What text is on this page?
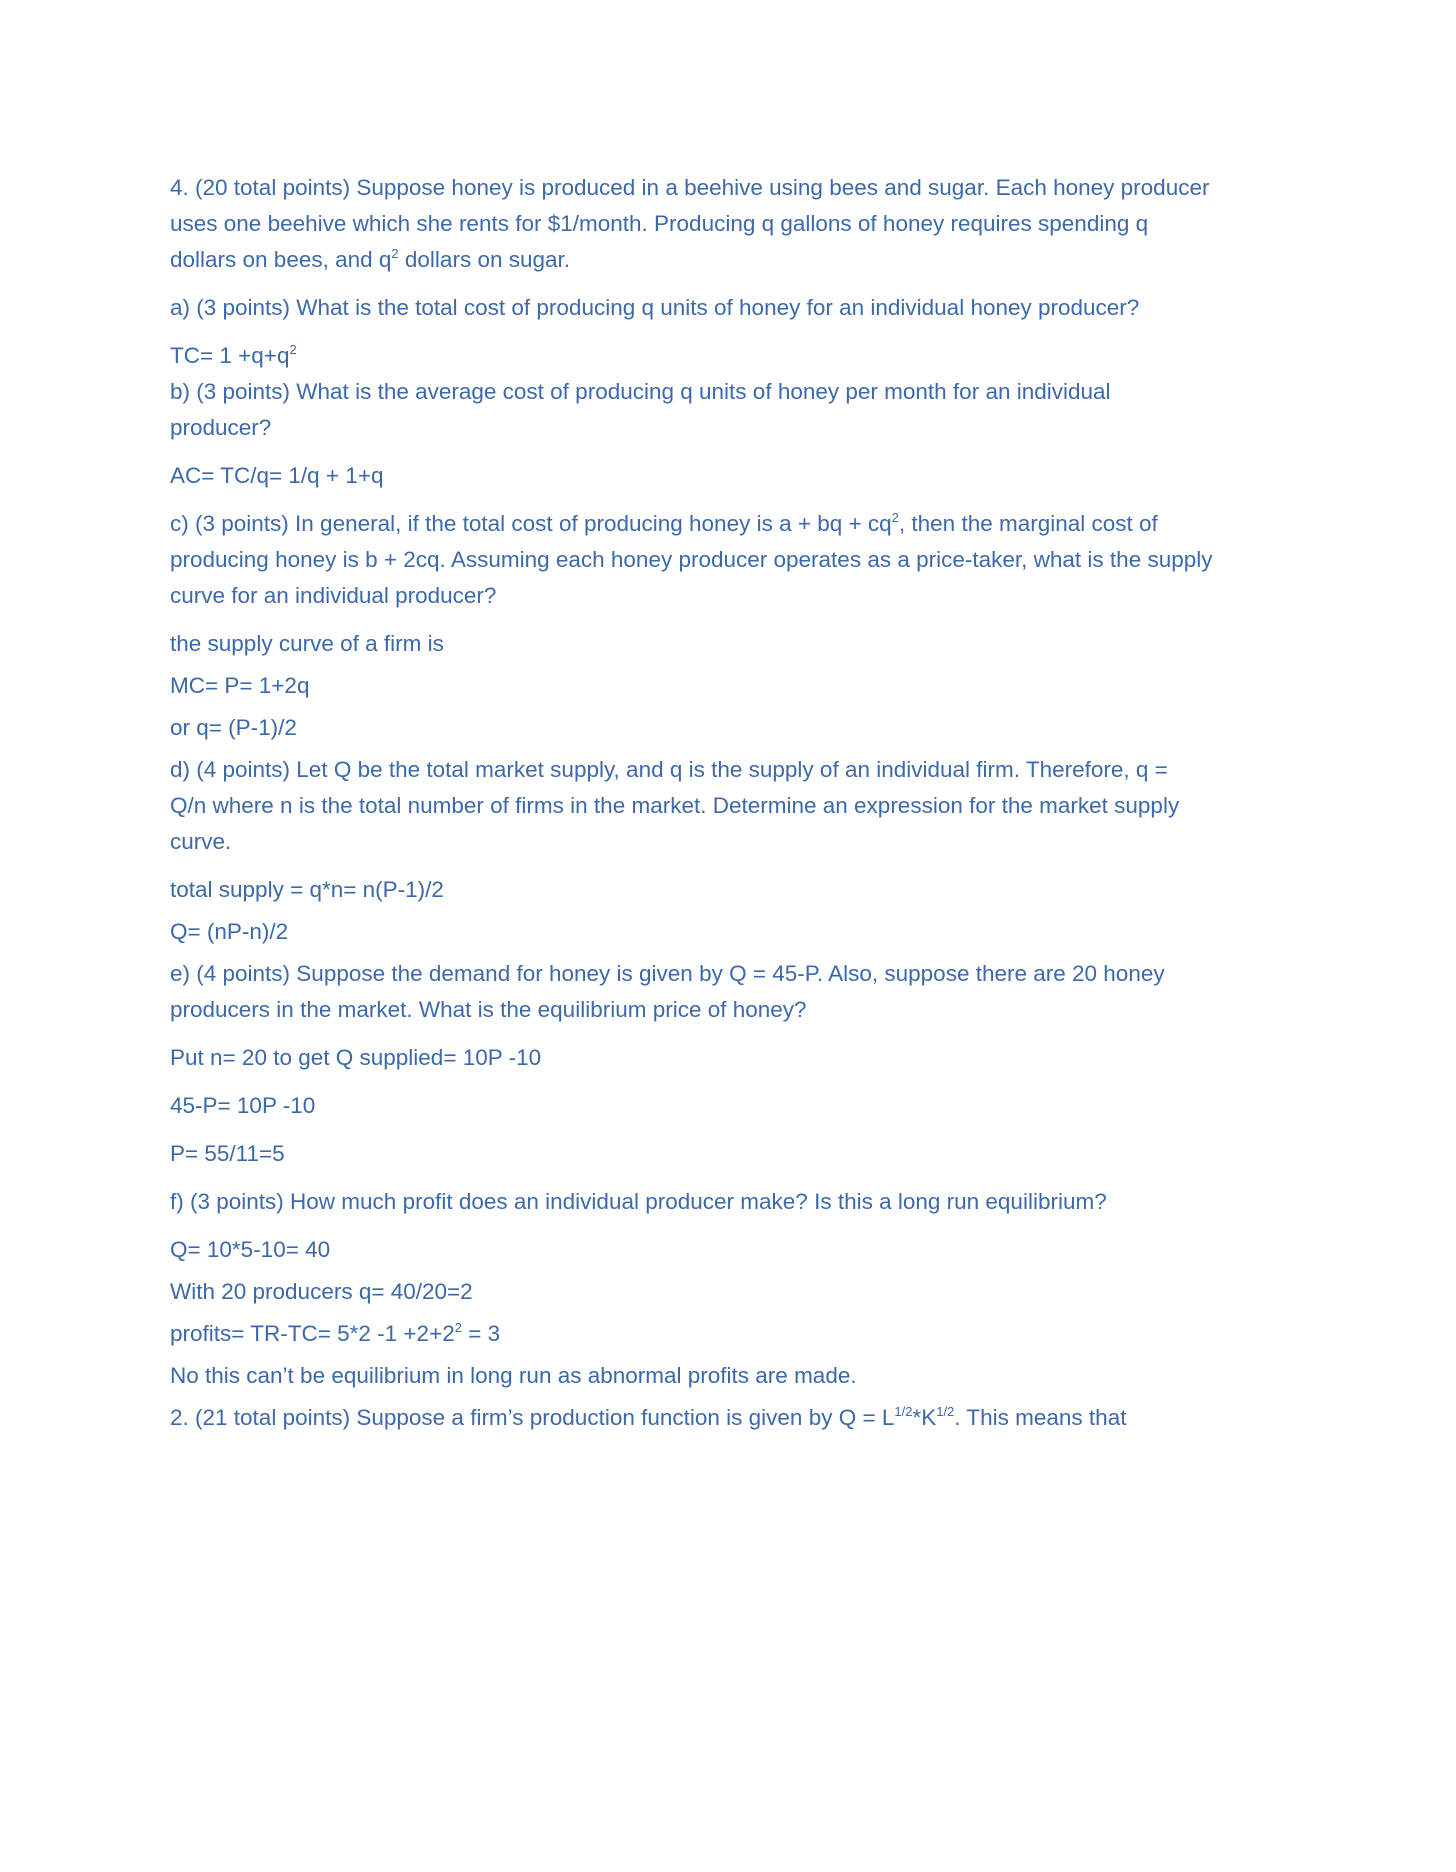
4. (20 total points) Suppose honey is produced in a beehive using bees and sugar. Each honey producer
uses one beehive which she rents for $1/month. Producing q gallons of honey requires spending q
dollars on bees, and $q^2$ dollars on sugar.
a) (3 points) What is the total cost of producing q units of honey for an individual honey producer?
$TC= 1 +q+q^2$
b) (3 points) What is the average cost of producing q units of honey per month for an individual
producer?
AC= TC/q= 1/q + 1+q
c) (3 points) In general, if the total cost of producing honey is a + bq + $cq^2$, then the marginal cost of
producing honey is b + 2cq. Assuming each honey producer operates as a price-taker, what is the supply
curve for an individual producer?
the supply curve of a firm is
MC= P= 1+2q
or q= (P-1)/2
d) (4 points) Let Q be the total market supply, and q is the supply of an individual firm. Therefore, q =
Q/n where n is the total number of firms in the market. Determine an expression for the market supply
curve.
total supply = q*n= n(P-1)/2
Q= (nP-n)/2
e) (4 points) Suppose the demand for honey is given by Q = 45-P. Also, suppose there are 20 honey
producers in the market. What is the equilibrium price of honey?
Put n= 20 to get Q supplied= 10P -10
45-P= 10P -10
P= 55/11=5
f) (3 points) How much profit does an individual producer make? Is this a long run equilibrium?
Q= 10*5-10= 40
With 20 producers q= 40/20=2
profits= TR-TC= 5*2 $-1 +2+2^2 = 3$
No this can’t be equilibrium in long run as abnormal profits are made.
2. (21 total points) Suppose a firm’s production function is given by $Q = L^{1/2}*K^{1/2}$. This means that
